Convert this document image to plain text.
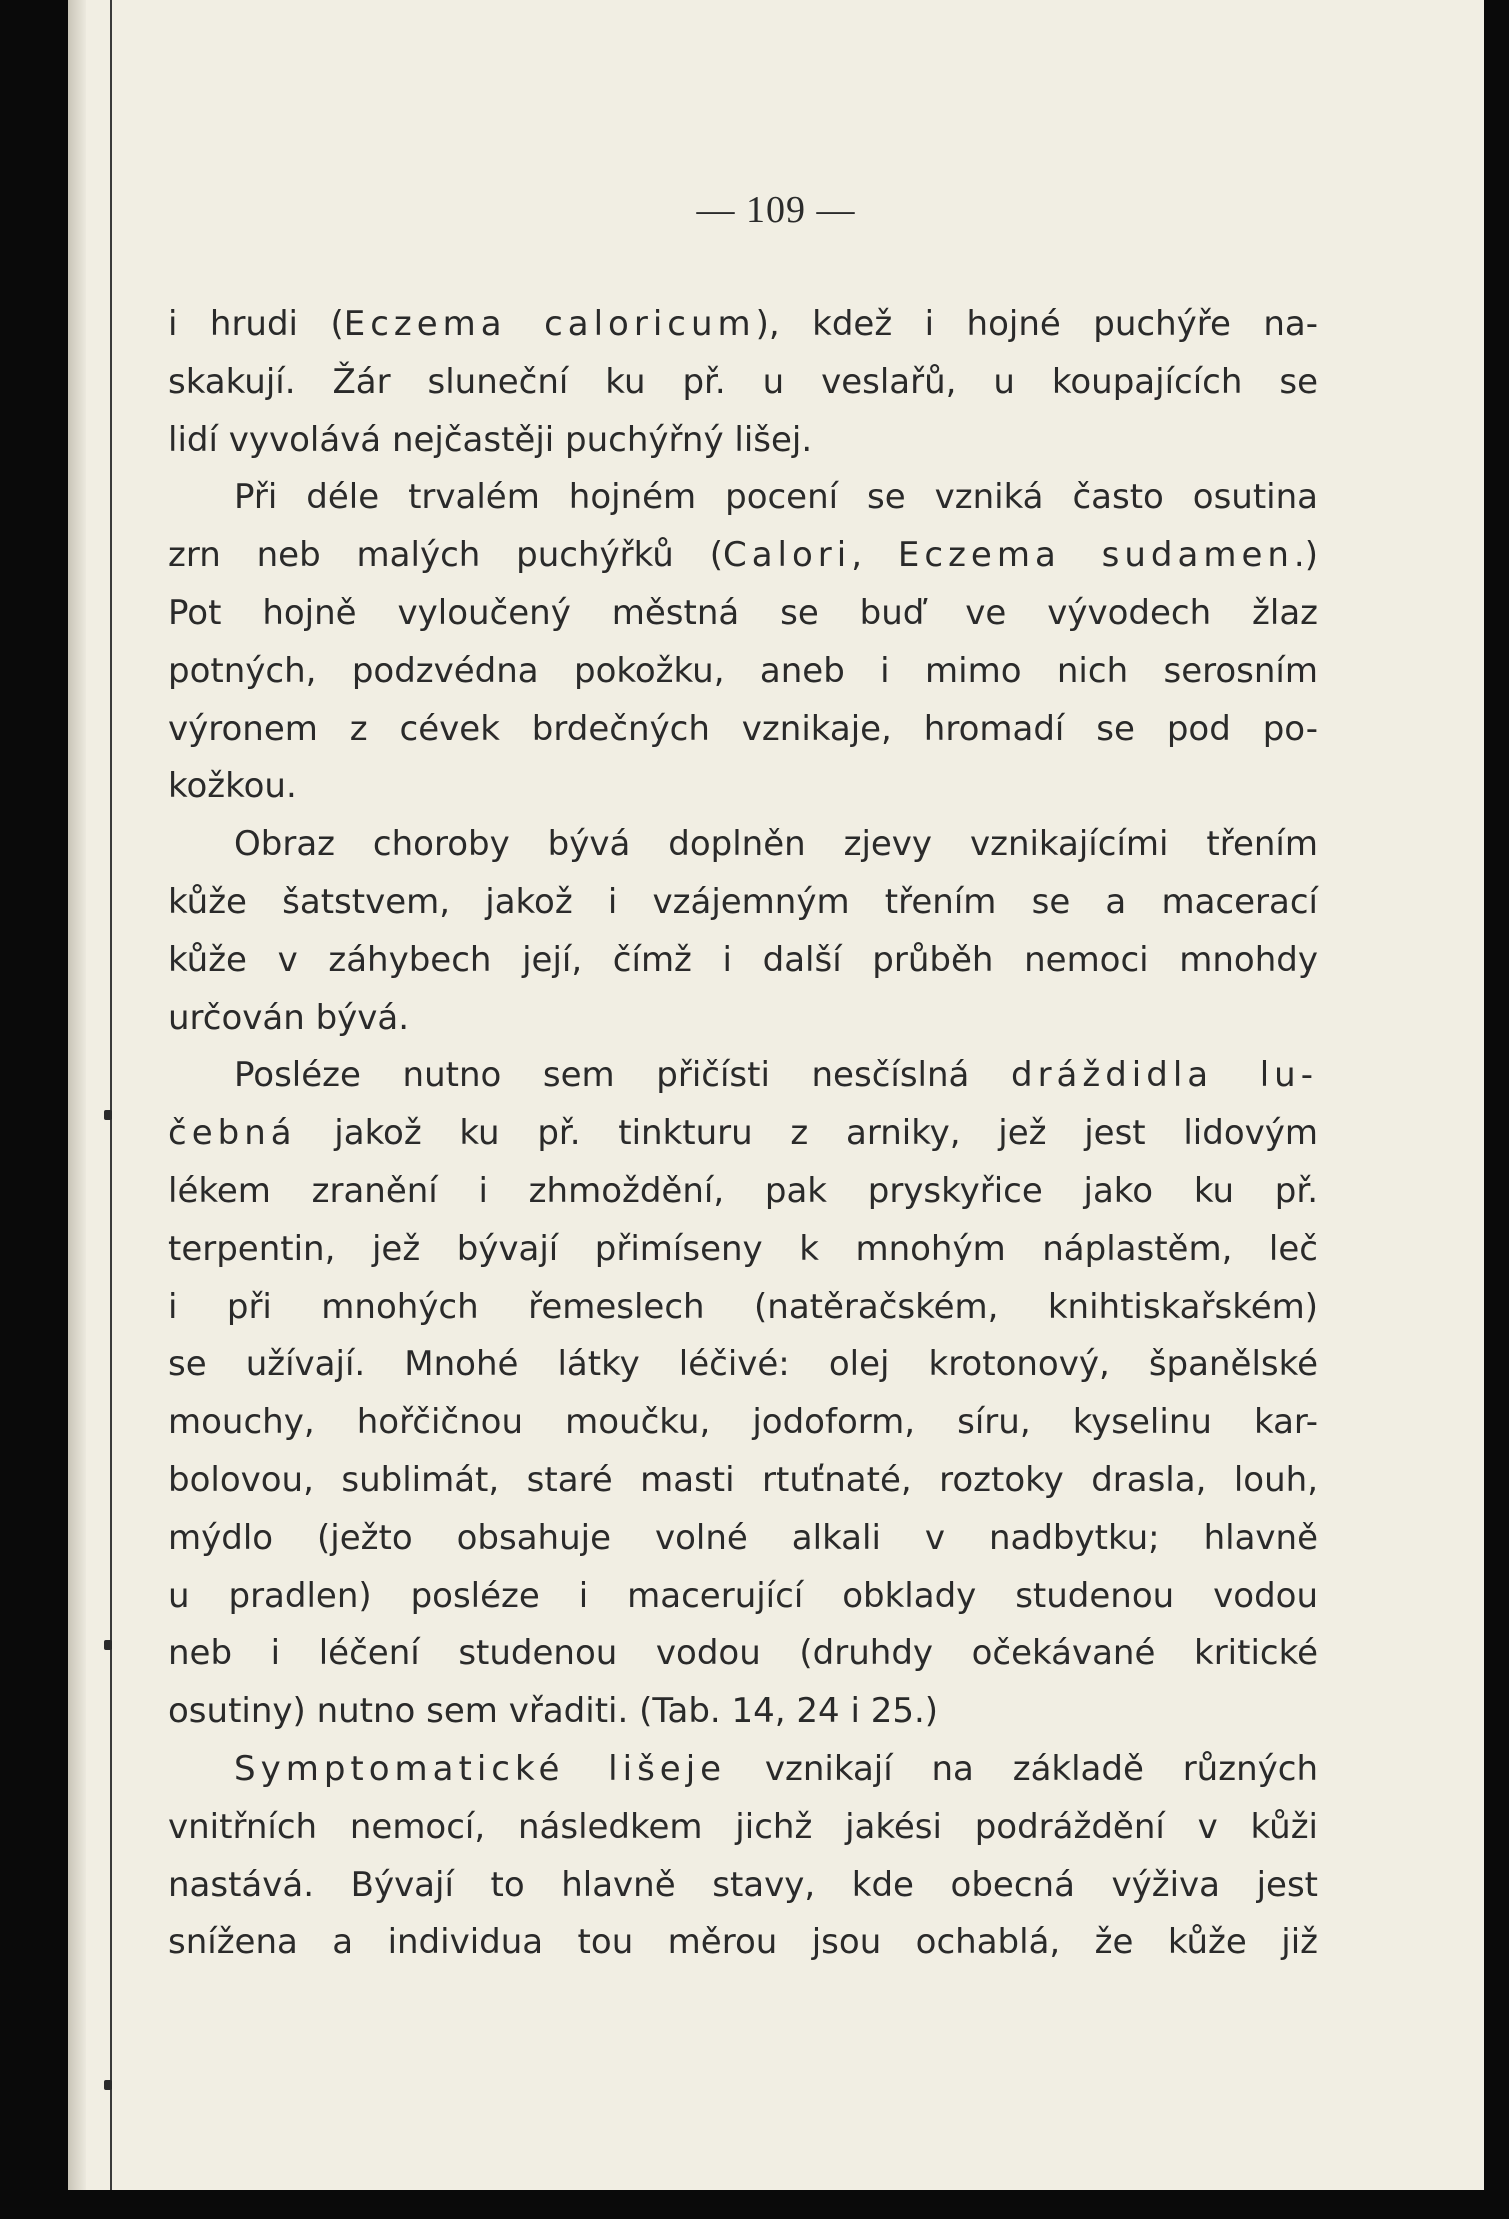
— 109 —

i hrudi (Eczema caloricum), kdež i hojné puchýře na-
skakují. Žár sluneční ku př. u veslařů, u koupajících se
lidí vyvolává nejčastěji puchýřný lišej.
Při déle trvalém hojném pocení se vzniká často osutina
zrn neb malých puchýřků (Calori, Eczema sudamen.)
Pot hojně vyloučený městná se buď ve vývodech žlaz
potných, podzvédna pokožku, aneb i mimo nich serosním
výronem z cévek brdečných vznikaje, hromadí se pod po-
kožkou.
Obraz choroby bývá doplněn zjevy vznikajícími třením
kůže šatstvem, jakož i vzájemným třením se a macerací
kůže v záhybech její, čímž i další průběh nemoci mnohdy
určován bývá.
Posléze nutno sem přičísti nesčíslná dráždidla lu-
čebná jakož ku př. tinkturu z arniky, jež jest lidovým
lékem zranění i zhmoždění, pak pryskyřice jako ku př.
terpentin, jež bývají přimíseny k mnohým náplastěm, leč
i při mnohých řemeslech (natěračském, knihtiskařském)
se užívají. Mnohé látky léčivé: olej krotonový, španělské
mouchy, hořčičnou moučku, jodoform, síru, kyselinu kar-
bolovou, sublimát, staré masti rtuťnaté, roztoky drasla, louh,
mýdlo (ježto obsahuje volné alkali v nadbytku; hlavně
u pradlen) posléze i macerující obklady studenou vodou
neb i léčení studenou vodou (druhdy očekávané kritické
osutiny) nutno sem vřaditi. (Tab. 14, 24 i 25.)
Symptomatické lišeje vznikají na základě různých
vnitřních nemocí, následkem jichž jakési podráždění v kůži
nastává. Bývají to hlavně stavy, kde obecná výživa jest
snížena a individua tou měrou jsou ochablá, že kůže již
